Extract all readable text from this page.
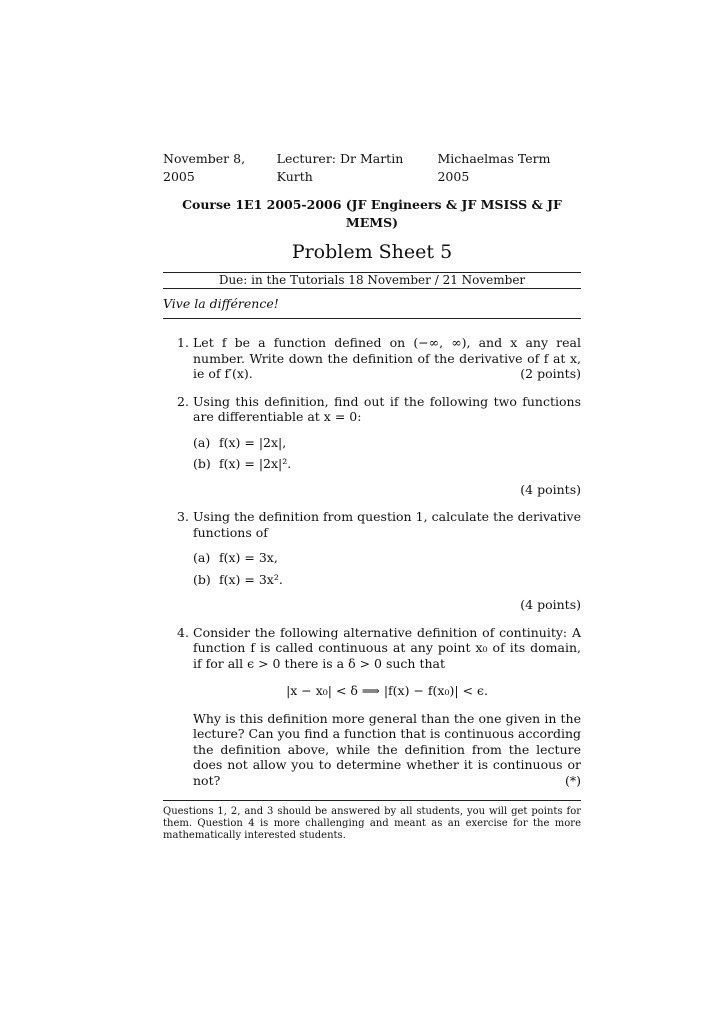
November 8, 2005
Lecturer: Dr Martin Kurth
Michaelmas Term 2005
Course 1E1 2005-2006 (JF Engineers & JF MSISS & JF MEMS)
Problem Sheet 5
Due: in the Tutorials 18 November / 21 November
Vive la différence!
1. Let f be a function defined on (−∞, ∞), and x any real number. Write down the definition of the derivative of f at x, ie of f′(x).	(2 points)
2. Using this definition, find out if the following two functions are differentiable at x = 0:
(a) f(x) = |2x|,
(b) f(x) = |2x|².
(4 points)
3. Using the definition from question 1, calculate the derivative functions of
(a) f(x) = 3x,
(b) f(x) = 3x².
(4 points)
4. Consider the following alternative definition of continuity: A function f is called continuous at any point x₀ of its domain, if for all ϵ > 0 there is a δ > 0 such that
|x − x₀| < δ ⟹ |f(x) − f(x₀)| < ϵ.
Why is this definition more general than the one given in the lecture? Can you find a function that is continuous according the definition above, while the definition from the lecture does not allow you to determine whether it is continuous or not?	(*)
Questions 1, 2, and 3 should be answered by all students, you will get points for them. Question 4 is more challenging and meant as an exercise for the more mathematically interested students.
